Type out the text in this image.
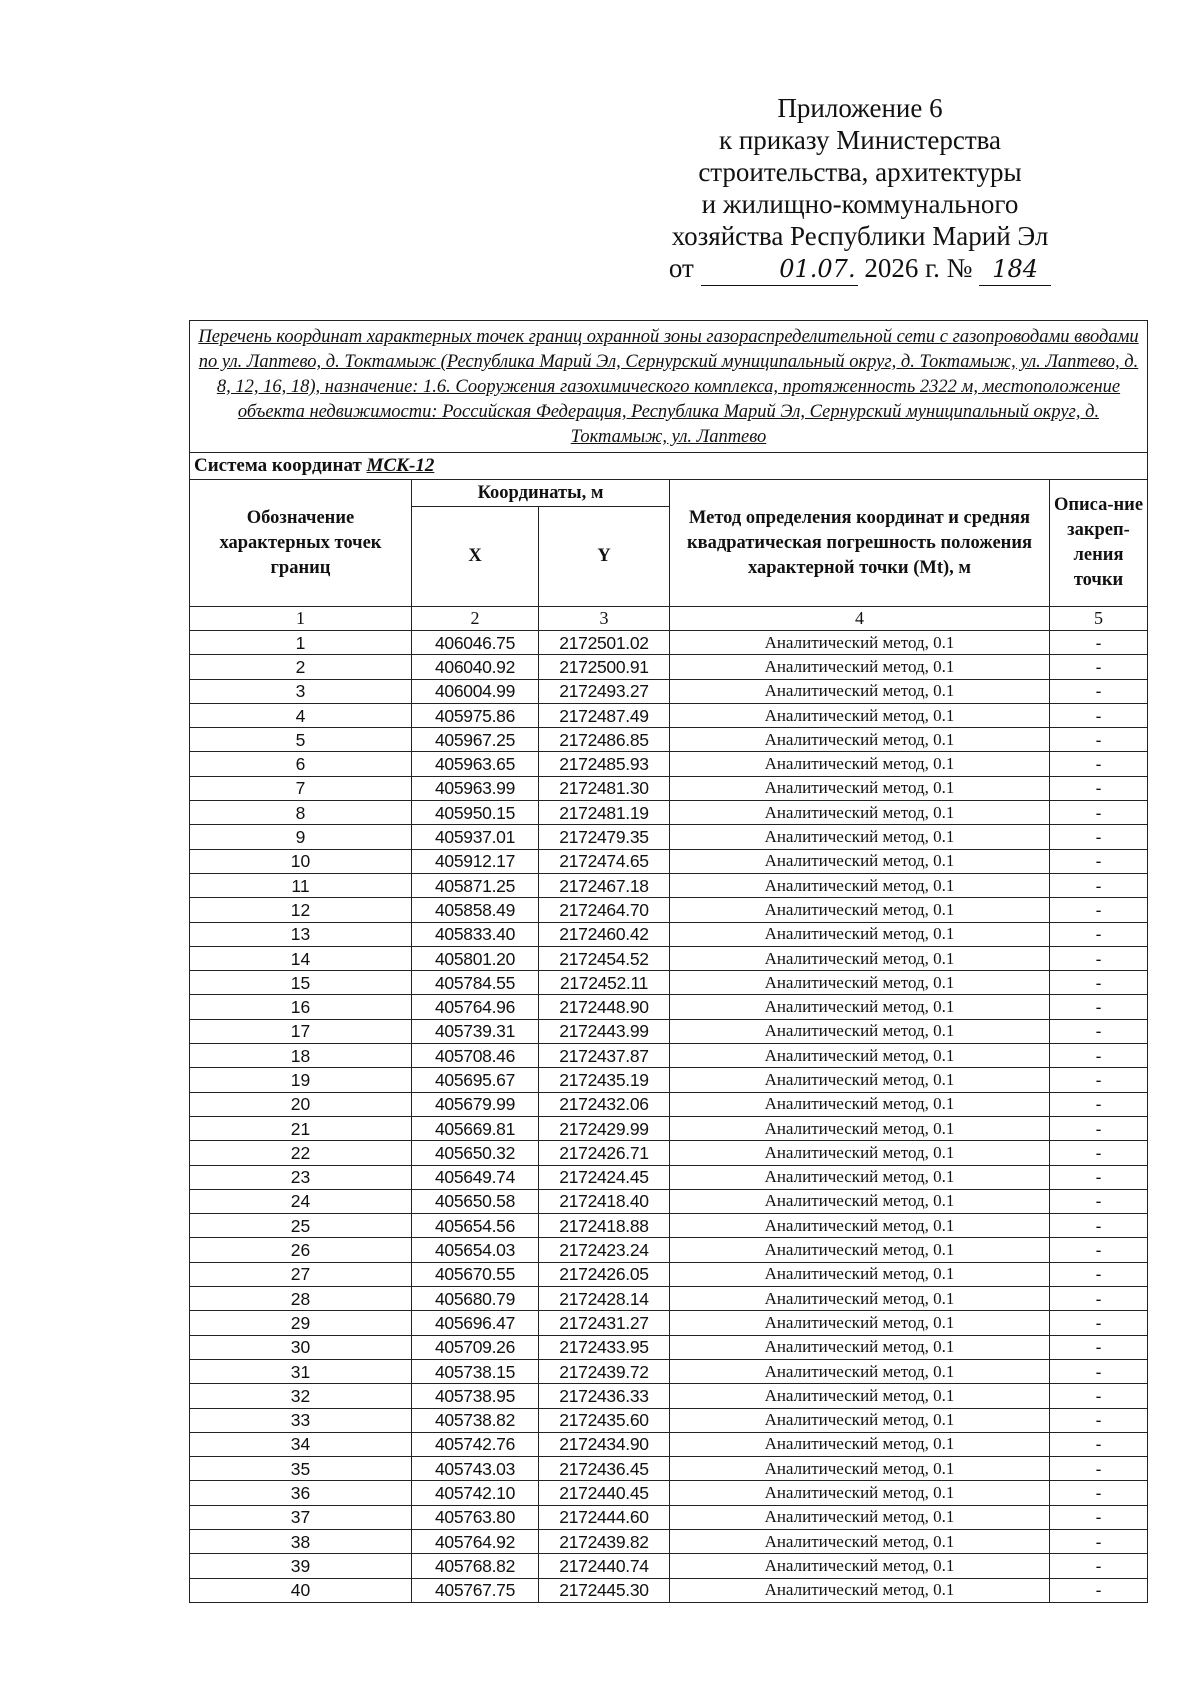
Приложение 6
к приказу Министерства
строительства, архитектуры
и жилищно-коммунального
хозяйства Республики Марий Эл
от	01.07. 2026 г. № 184
Перечень координат характерных точек границ охранной зоны газораспределительной сети с газопроводами вводами по ул. Лаптево, д. Токтамыж (Республика Марий Эл, Сернурский муниципальный округ, д. Токтамыж, ул. Лаптево, д. 8, 12, 16, 18), назначение: 1.6. Сооружения газохимического комплекса, протяженность 2322 м, местоположение объекта недвижимости: Российская Федерация, Республика Марий Эл, Сернурский муниципальный округ, д. Токтамыж, ул. Лаптево				
Система координат МСК-12				
Обозначение характерных точек границ	Координаты, м		Метод определения координат и средняя квадратическая погрешность положения характерной точки (Mt), м	Описа-ние закреп-ления точки
	X	Y		
1	2	3	4	5
1	406046.75	2172501.02	Аналитический метод, 0.1	-
2	406040.92	2172500.91	Аналитический метод, 0.1	-
3	406004.99	2172493.27	Аналитический метод, 0.1	-
4	405975.86	2172487.49	Аналитический метод, 0.1	-
5	405967.25	2172486.85	Аналитический метод, 0.1	-
6	405963.65	2172485.93	Аналитический метод, 0.1	-
7	405963.99	2172481.30	Аналитический метод, 0.1	-
8	405950.15	2172481.19	Аналитический метод, 0.1	-
9	405937.01	2172479.35	Аналитический метод, 0.1	-
10	405912.17	2172474.65	Аналитический метод, 0.1	-
11	405871.25	2172467.18	Аналитический метод, 0.1	-
12	405858.49	2172464.70	Аналитический метод, 0.1	-
13	405833.40	2172460.42	Аналитический метод, 0.1	-
14	405801.20	2172454.52	Аналитический метод, 0.1	-
15	405784.55	2172452.11	Аналитический метод, 0.1	-
16	405764.96	2172448.90	Аналитический метод, 0.1	-
17	405739.31	2172443.99	Аналитический метод, 0.1	-
18	405708.46	2172437.87	Аналитический метод, 0.1	-
19	405695.67	2172435.19	Аналитический метод, 0.1	-
20	405679.99	2172432.06	Аналитический метод, 0.1	-
21	405669.81	2172429.99	Аналитический метод, 0.1	-
22	405650.32	2172426.71	Аналитический метод, 0.1	-
23	405649.74	2172424.45	Аналитический метод, 0.1	-
24	405650.58	2172418.40	Аналитический метод, 0.1	-
25	405654.56	2172418.88	Аналитический метод, 0.1	-
26	405654.03	2172423.24	Аналитический метод, 0.1	-
27	405670.55	2172426.05	Аналитический метод, 0.1	-
28	405680.79	2172428.14	Аналитический метод, 0.1	-
29	405696.47	2172431.27	Аналитический метод, 0.1	-
30	405709.26	2172433.95	Аналитический метод, 0.1	-
31	405738.15	2172439.72	Аналитический метод, 0.1	-
32	405738.95	2172436.33	Аналитический метод, 0.1	-
33	405738.82	2172435.60	Аналитический метод, 0.1	-
34	405742.76	2172434.90	Аналитический метод, 0.1	-
35	405743.03	2172436.45	Аналитический метод, 0.1	-
36	405742.10	2172440.45	Аналитический метод, 0.1	-
37	405763.80	2172444.60	Аналитический метод, 0.1	-
38	405764.92	2172439.82	Аналитический метод, 0.1	-
39	405768.82	2172440.74	Аналитический метод, 0.1	-
40	405767.75	2172445.30	Аналитический метод, 0.1	-
